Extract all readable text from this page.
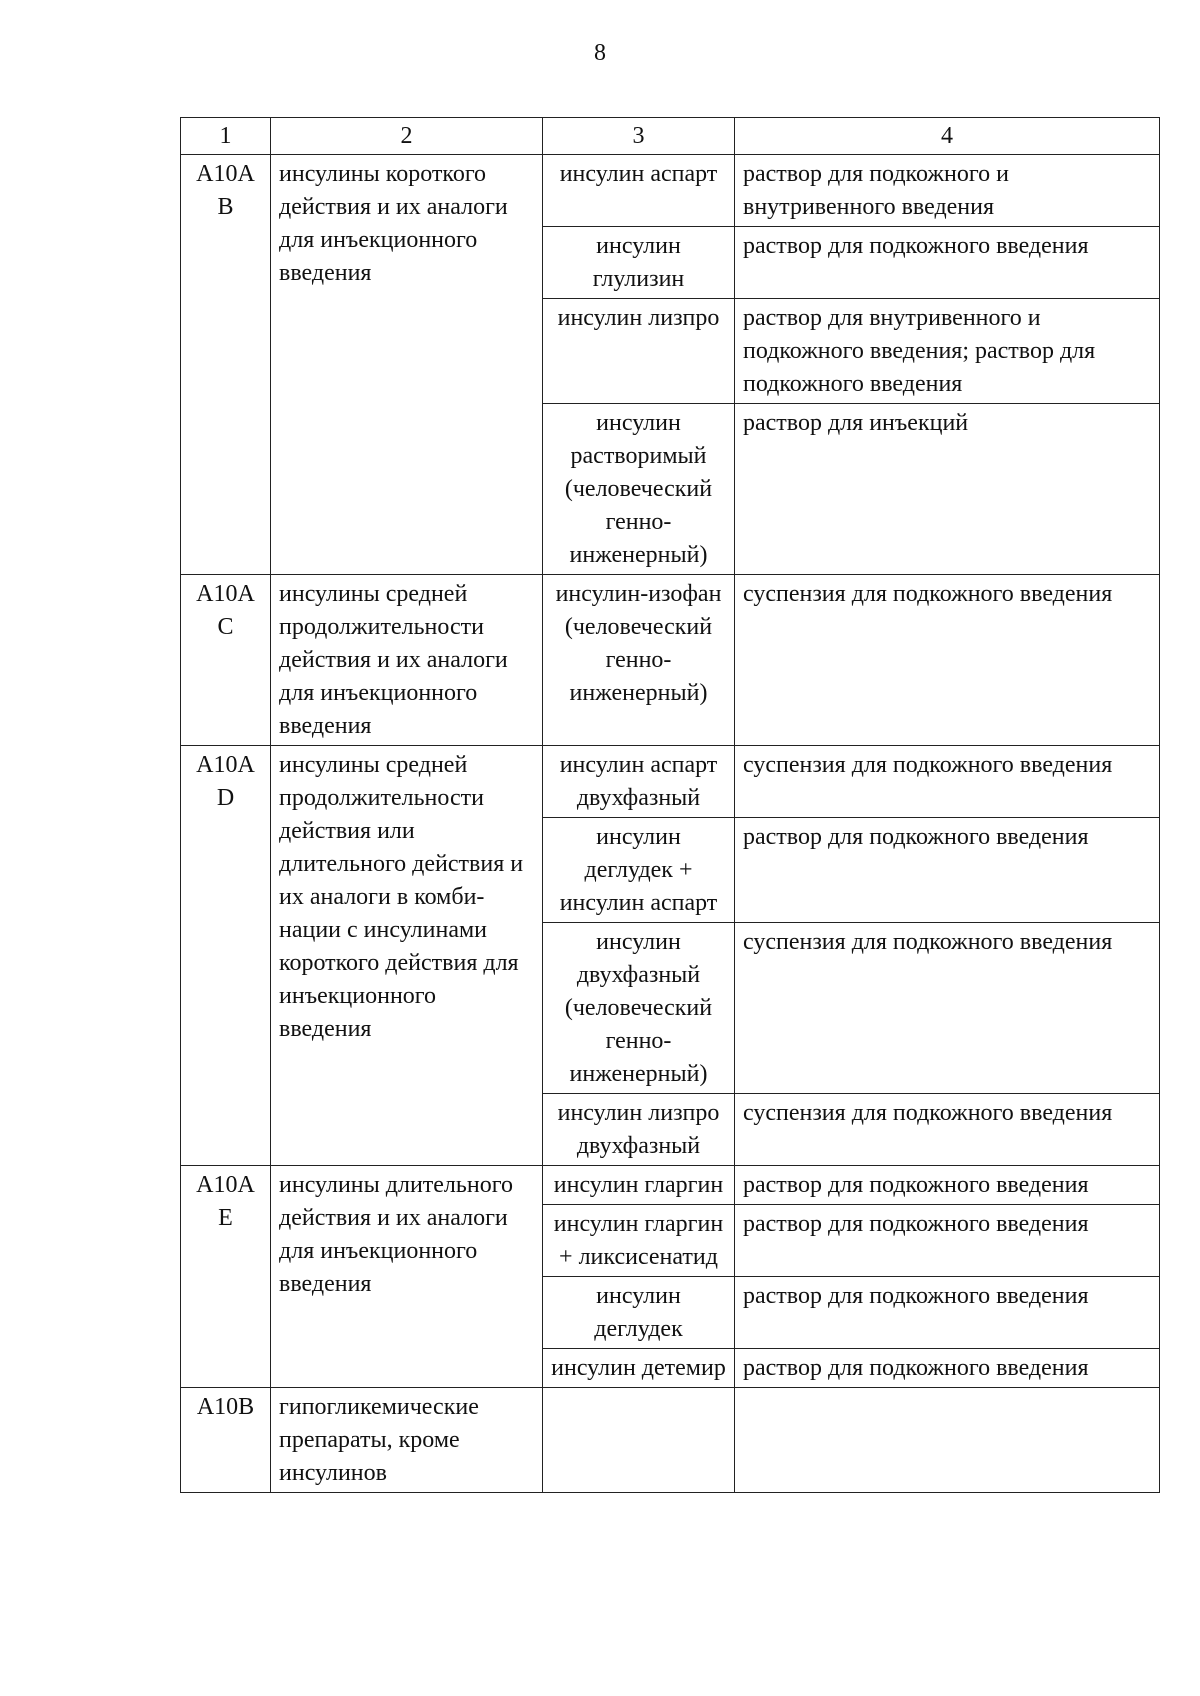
8
1	2	3	4
A10AB	инсулины короткого действия и их аналоги для инъекционного введения	инсулин аспарт	раствор для подкожного и внутривенного введения
		инсулин глулизин	раствор для подкожного введения
		инсулин лизпро	раствор для внутривенного и подкожного введения; раствор для подкожного введения
		инсулин растворимый (человеческий генно-инженерный)	раствор для инъекций
A10AC	инсулины средней продолжительности действия и их аналоги для инъекционного введения	инсулин-изофан (человеческий генно-инженерный)	суспензия для подкожного введения
A10AD	инсулины средней продолжительности действия или длительного действия и их аналоги в комби-нации с инсулинами короткого действия для инъекционного введения	инсулин аспарт двухфазный	суспензия для подкожного введения
		инсулин деглудек + инсулин аспарт	раствор для подкожного введения
		инсулин двухфазный (человеческий генно-инженерный)	суспензия для подкожного введения
		инсулин лизпро двухфазный	суспензия для подкожного введения
A10AE	инсулины длительного действия и их аналоги для инъекционного введения	инсулин гларгин	раствор для подкожного введения
		инсулин гларгин + ликсисенатид	раствор для подкожного введения
		инсулин деглудек	раствор для подкожного введения
		инсулин детемир	раствор для подкожного введения
A10B	гипогликемические препараты, кроме инсулинов		
